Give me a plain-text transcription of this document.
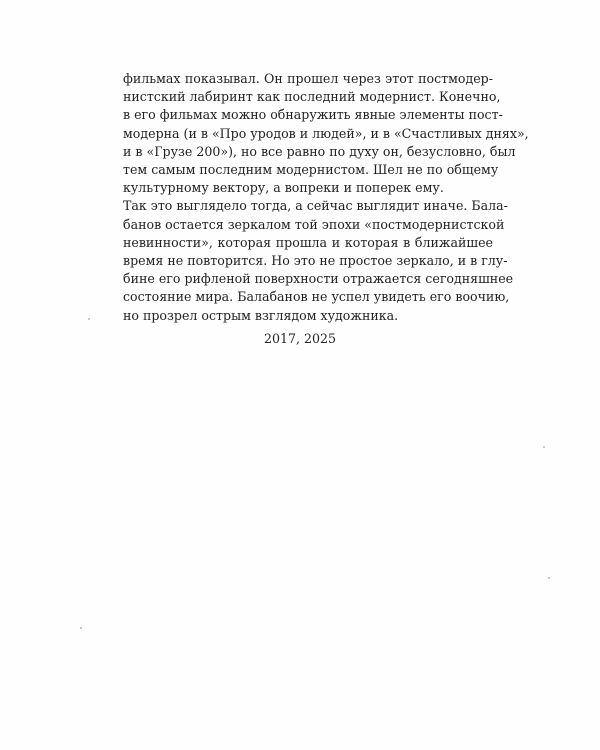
фильмах показывал. Он прошел через этот постмодер-
нистский лабиринт как последний модернист. Конечно,
в его фильмах можно обнаружить явные элементы пост-
модерна (и в «Про уродов и людей», и в «Счастливых днях»,
и в «Грузе 200»), но все равно по духу он, безусловно, был
тем самым последним модернистом. Шел не по общему
культурному вектору, а вопреки и поперек ему.
Так это выглядело тогда, а сейчас выглядит иначе. Бала-
банов остается зеркалом той эпохи «постмодернистской
невинности», которая прошла и которая в ближайшее
время не повторится. Но это не простое зеркало, и в глу-
бине его рифленой поверхности отражается сегодняшнее
состояние мира. Балабанов не успел увидеть его воочию,
но прозрел острым взглядом художника.
2017, 2025
